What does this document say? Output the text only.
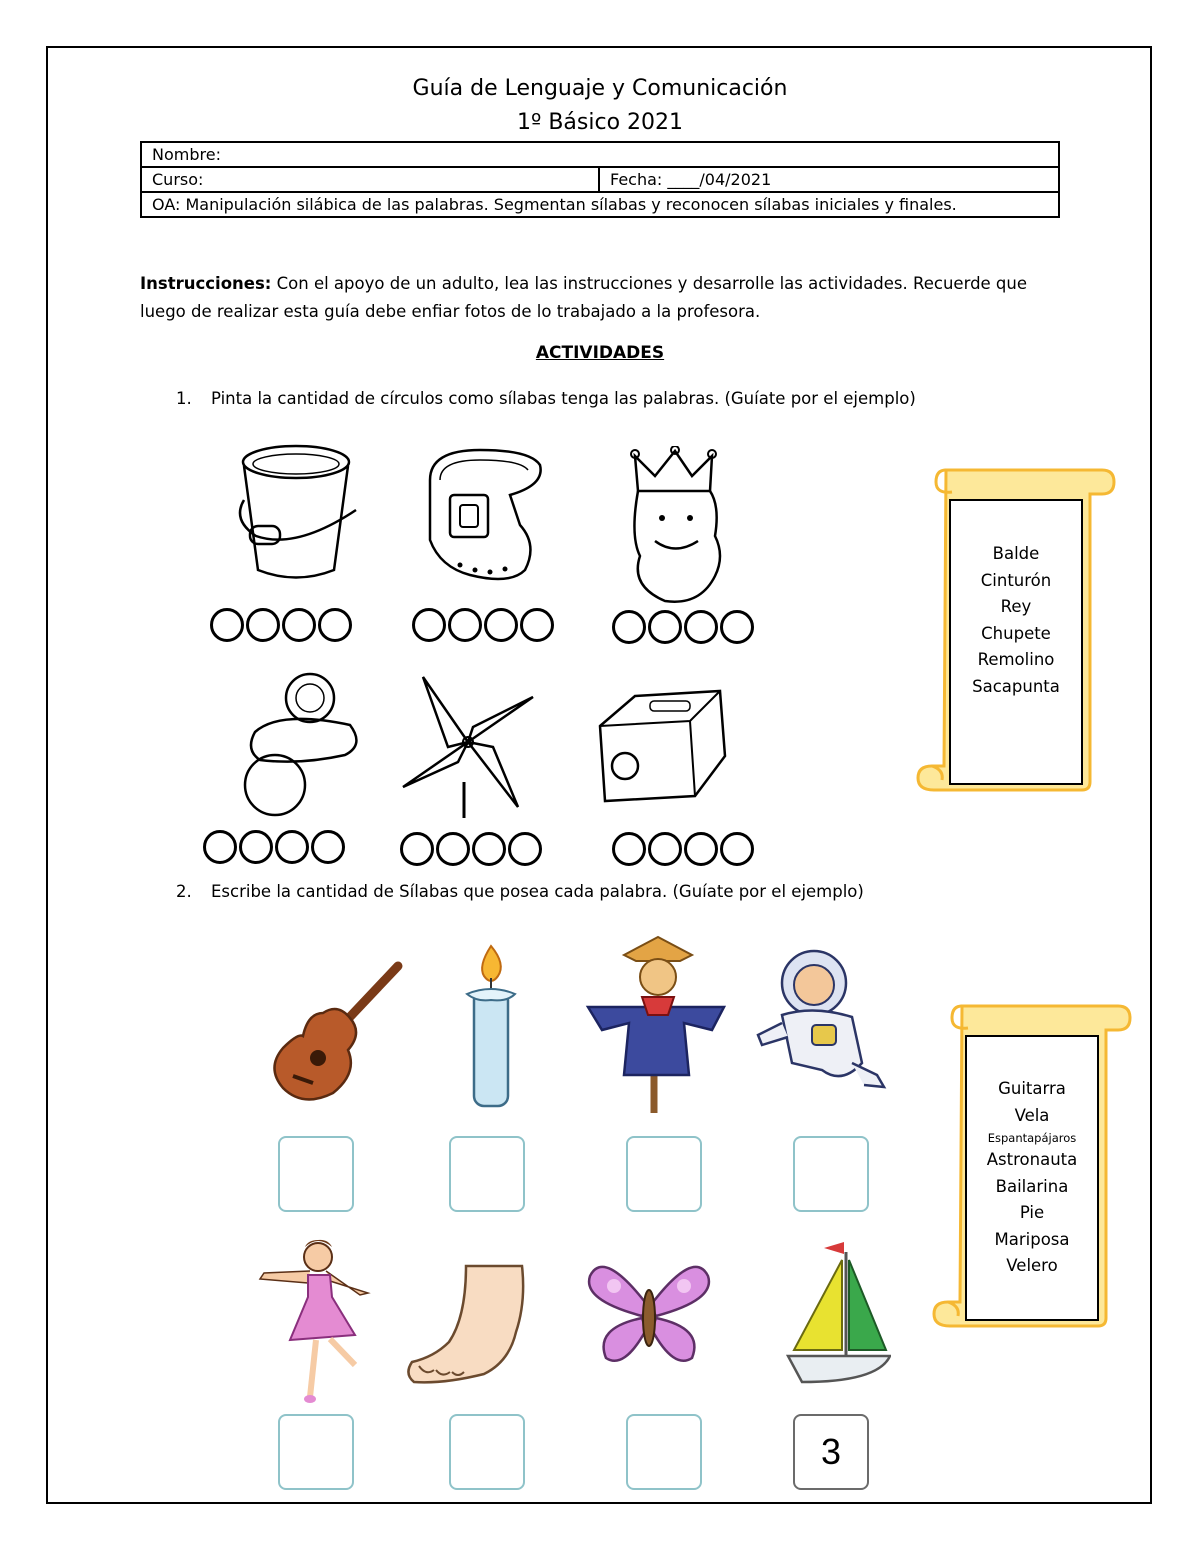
Guía de Lenguaje y Comunicación
1º Básico 2021
Nombre:
Curso:	Fecha: ____/04/2021
OA: Manipulación silábica de las palabras. Segmentan sílabas y reconocen sílabas iniciales y finales.
Instrucciones: Con el apoyo de un adulto, lea las instrucciones y desarrolle las actividades. Recuerde que luego de realizar esta guía debe enfiar fotos de lo trabajado a la profesora.
ACTIVIDADES
1. Pinta la cantidad de círculos como sílabas tenga las palabras. (Guíate por el ejemplo)
Balde
Cinturón
Rey
Chupete
Remolino
Sacapunta
2. Escribe la cantidad de Sílabas que posea cada palabra. (Guíate por el ejemplo)
3
Guitarra
Vela
Espantapájaros
Astronauta
Bailarina
Pie
Mariposa
Velero
